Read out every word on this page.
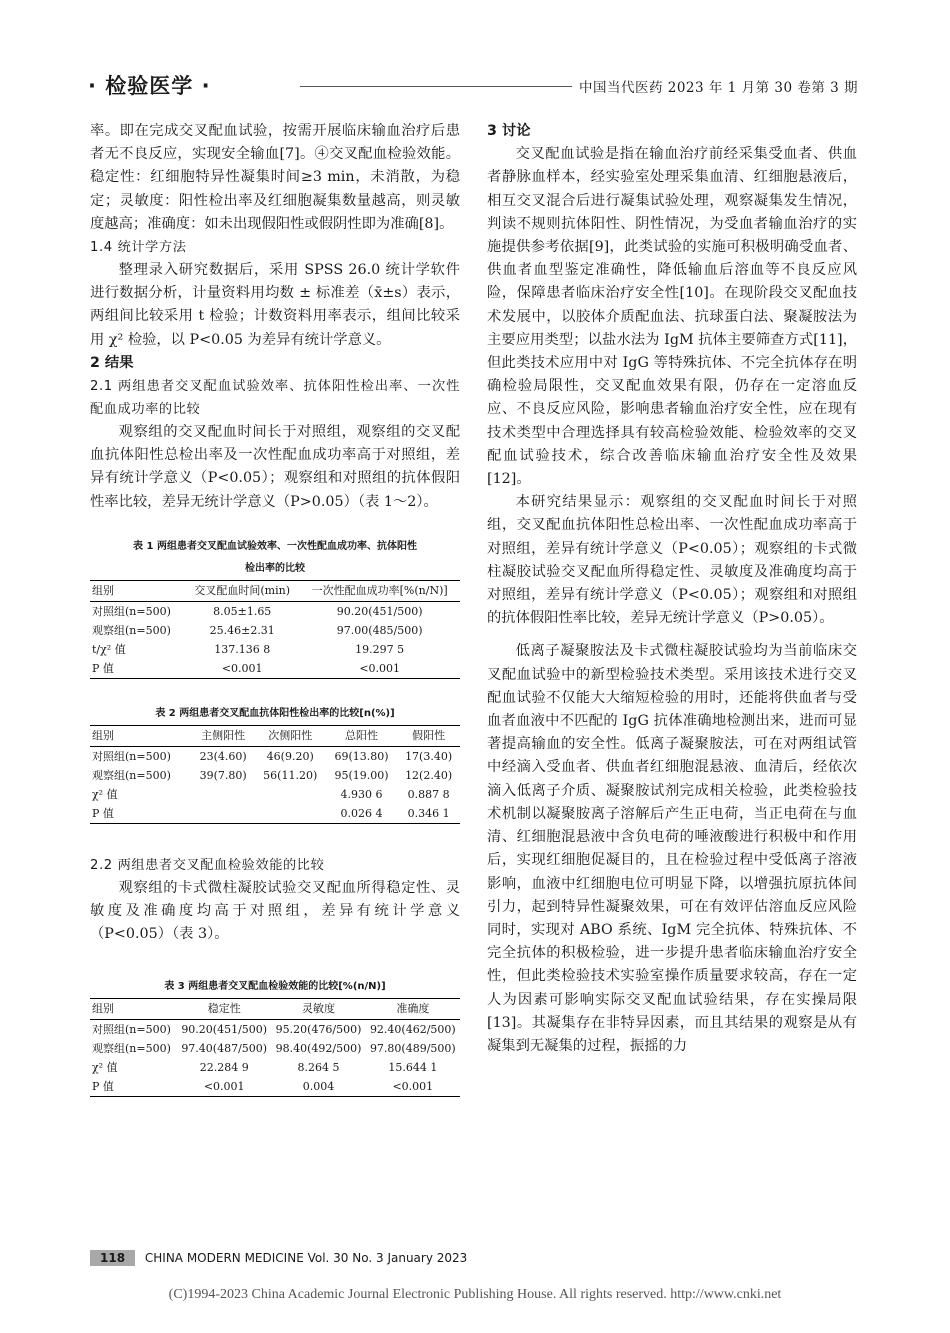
· 检验医学 ·	中国当代医药 2023 年 1 月第 30 卷第 3 期

率。即在完成交叉配血试验，按需开展临床输血治疗后患者无不良反应，实现安全输血[7]。④交叉配血检验效能。稳定性：红细胞特异性凝集时间≥3 min，未消散，为稳定；灵敏度：阳性检出率及红细胞凝集数量越高，则灵敏度越高；准确度：如未出现假阳性或假阴性即为准确[8]。

1.4 统计学方法

整理录入研究数据后，采用 SPSS 26.0 统计学软件进行数据分析，计量资料用均数 ± 标准差（x̄±s）表示，两组间比较采用 t 检验；计数资料用率表示，组间比较采用 χ² 检验，以 P<0.05 为差异有统计学意义。

2 结果

2.1 两组患者交叉配血试验效率、抗体阳性检出率、一次性配血成功率的比较

观察组的交叉配血时间长于对照组，观察组的交叉配血抗体阳性总检出率及一次性配血成功率高于对照组，差异有统计学意义（P<0.05）；观察组和对照组的抗体假阳性率比较，差异无统计学意义（P>0.05）（表 1～2）。

表 1 两组患者交叉配血试验效率、一次性配血成功率、抗体阳性
检出率的比较
组别	交叉配血时间(min)	一次性配血成功率[%(n/N)]
对照组(n=500)	8.05±1.65	90.20(451/500)
观察组(n=500)	25.46±2.31	97.00(485/500)
t/χ² 值	137.136 8	19.297 5
P 值	<0.001	<0.001
表 2 两组患者交叉配血抗体阳性检出率的比较[n(%)]
组别	主侧阳性	次侧阳性	总阳性	假阳性
对照组(n=500)	23(4.60)	46(9.20)	69(13.80)	17(3.40)
观察组(n=500)	39(7.80)	56(11.20)	95(19.00)	12(2.40)
χ² 值			4.930 6	0.887 8
P 值			0.026 4	0.346 1

2.2 两组患者交叉配血检验效能的比较

观察组的卡式微柱凝胶试验交叉配血所得稳定性、灵敏度及准确度均高于对照组，差异有统计学意义（P<0.05）（表 3）。

表 3 两组患者交叉配血检验效能的比较[%(n/N)]
组别	稳定性	灵敏度	准确度
对照组(n=500)	90.20(451/500)	95.20(476/500)	92.40(462/500)
观察组(n=500)	97.40(487/500)	98.40(492/500)	97.80(489/500)
χ² 值	22.284 9	8.264 5	15.644 1
P 值	<0.001	0.004	<0.001

3 讨论

交叉配血试验是指在输血治疗前经采集受血者、供血者静脉血样本，经实验室处理采集血清、红细胞悬液后，相互交叉混合后进行凝集试验处理，观察凝集发生情况，判读不规则抗体阳性、阴性情况，为受血者输血治疗的实施提供参考依据[9]，此类试验的实施可积极明确受血者、供血者血型鉴定准确性，降低输血后溶血等不良反应风险，保障患者临床治疗安全性[10]。在现阶段交叉配血技术发展中，以胶体介质配血法、抗球蛋白法、聚凝胺法为主要应用类型；以盐水法为 IgM 抗体主要筛查方式[11]，但此类技术应用中对 IgG 等特殊抗体、不完全抗体存在明确检验局限性，交叉配血效果有限，仍存在一定溶血反应、不良反应风险，影响患者输血治疗安全性，应在现有技术类型中合理选择具有较高检验效能、检验效率的交叉配血试验技术，综合改善临床输血治疗安全性及效果[12]。

本研究结果显示：观察组的交叉配血时间长于对照组，交叉配血抗体阳性总检出率、一次性配血成功率高于对照组，差异有统计学意义（P<0.05）；观察组的卡式微柱凝胶试验交叉配血所得稳定性、灵敏度及准确度均高于对照组，差异有统计学意义（P<0.05）；观察组和对照组的抗体假阳性率比较，差异无统计学意义（P>0.05）。

低离子凝聚胺法及卡式微柱凝胶试验均为当前临床交叉配血试验中的新型检验技术类型。采用该技术进行交叉配血试验不仅能大大缩短检验的用时，还能将供血者与受血者血液中不匹配的 IgG 抗体准确地检测出来，进而可显著提高输血的安全性。低离子凝聚胺法，可在对两组试管中经滴入受血者、供血者红细胞混悬液、血清后，经依次滴入低离子介质、凝聚胺试剂完成相关检验，此类检验技术机制以凝聚胺离子溶解后产生正电荷，当正电荷在与血清、红细胞混悬液中含负电荷的唾液酸进行积极中和作用后，实现红细胞促凝目的，且在检验过程中受低离子溶液影响，血液中红细胞电位可明显下降，以增强抗原抗体间引力，起到特异性凝聚效果，可在有效评估溶血反应风险同时，实现对 ABO 系统、IgM 完全抗体、特殊抗体、不完全抗体的积极检验，进一步提升患者临床输血治疗安全性，但此类检验技术实验室操作质量要求较高，存在一定人为因素可影响实际交叉配血试验结果，存在实操局限[13]。其凝集存在非特异因素，而且其结果的观察是从有凝集到无凝集的过程，振摇的力

118 CHINA MODERN MEDICINE Vol. 30 No. 3 January 2023
(C)1994-2023 China Academic Journal Electronic Publishing House. All rights reserved. http://www.cnki.net
